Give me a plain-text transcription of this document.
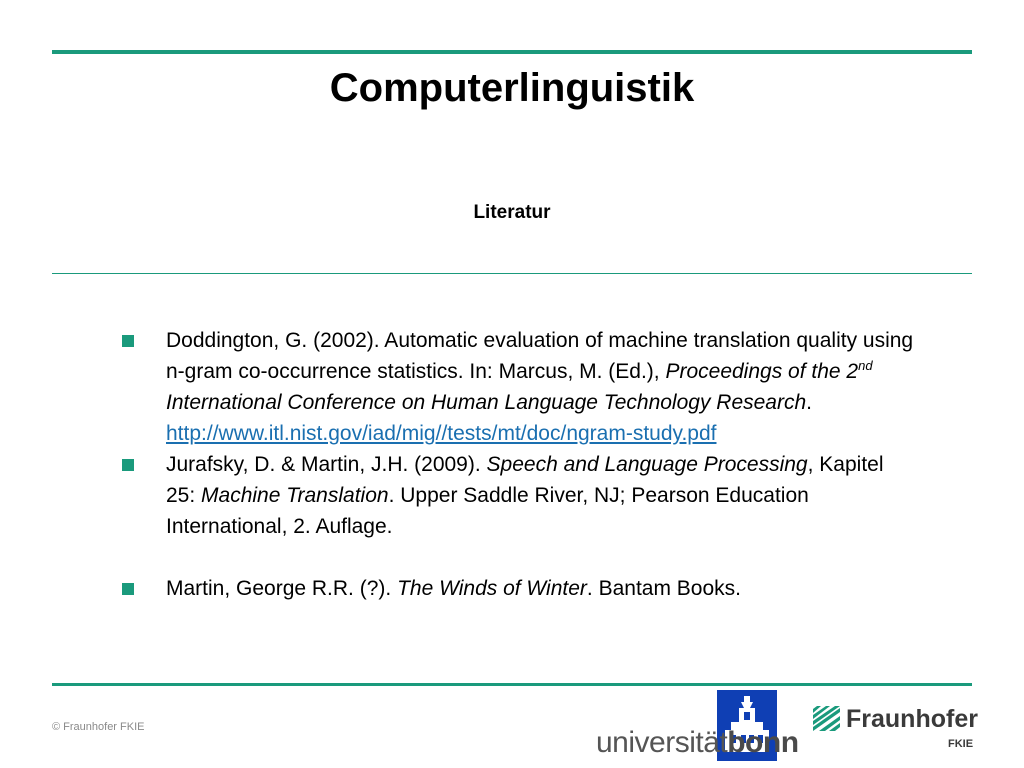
Computerlinguistik
Literatur
Doddington, G. (2002). Automatic evaluation of machine translation quality using n-gram co-occurrence statistics. In: Marcus, M. (Ed.), Proceedings of the 2nd International Conference on Human Language Technology Research.
http://www.itl.nist.gov/iad/mig//tests/mt/doc/ngram-study.pdf
Jurafsky, D. & Martin, J.H. (2009). Speech and Language Processing, Kapitel 25: Machine Translation. Upper Saddle River, NJ; Pearson Education International, 2. Auflage.
Martin, George R.R. (?). The Winds of Winter. Bantam Books.
© Fraunhofer FKIE	universitätbonn
Fraunhofer
FKIE
